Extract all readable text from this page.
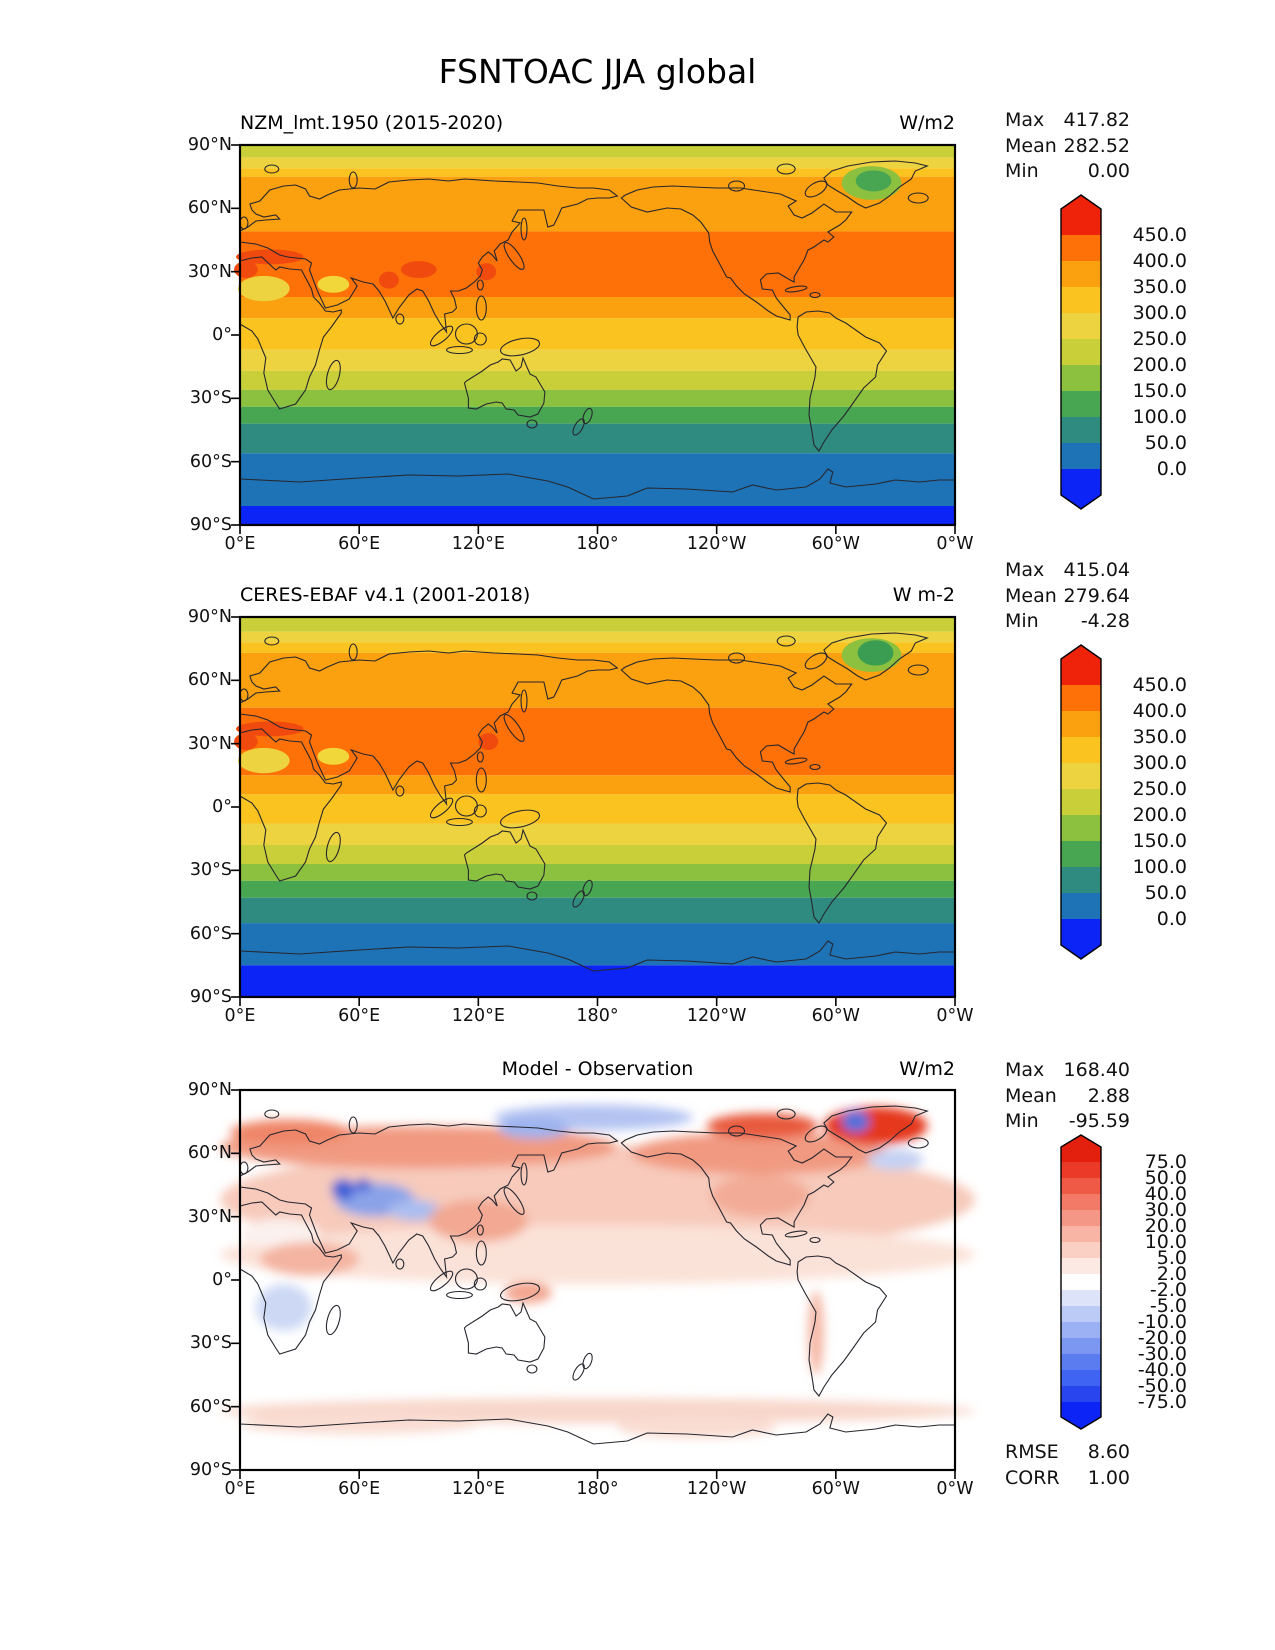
FSNTOAC JJA global
NZM_lmt.1950 (2015-2020)	W/m2
90°N
60°N
30°N
0°
30°S
60°S
90°S
0°E	60°E	120°E	180°	120°W	60°W	0°W
Max 417.82
Mean 282.52
Min	0.00
450.0
400.0
350.0
300.0
250.0
200.0
150.0
100.0
50.0
0.0
CERES-EBAF v4.1 (2001-2018)	W m-2
90°N
60°N
30°N
0°
30°S
60°S
90°S
0°E	60°E	120°E	180°	120°W	60°W	0°W
Max 415.04
Mean 279.64
Min -4.28
450.0
400.0
350.0
300.0
250.0
200.0
150.0
100.0
50.0
0.0
Model - Observation	W/m2
90°N
60°N
30°N
0°
30°S
60°S
90°S
0°E	60°E	120°E	180°	120°W	60°W	0°W
Max 168.40
Mean 2.88
Min -95.59
75.0
50.0
40.0
30.0
20.0
10.0
5.0
2.0
-2.0
-5.0
-10.0
-20.0
-30.0
-40.0
-50.0
-75.0
RMSE 8.60
CORR 1.00
